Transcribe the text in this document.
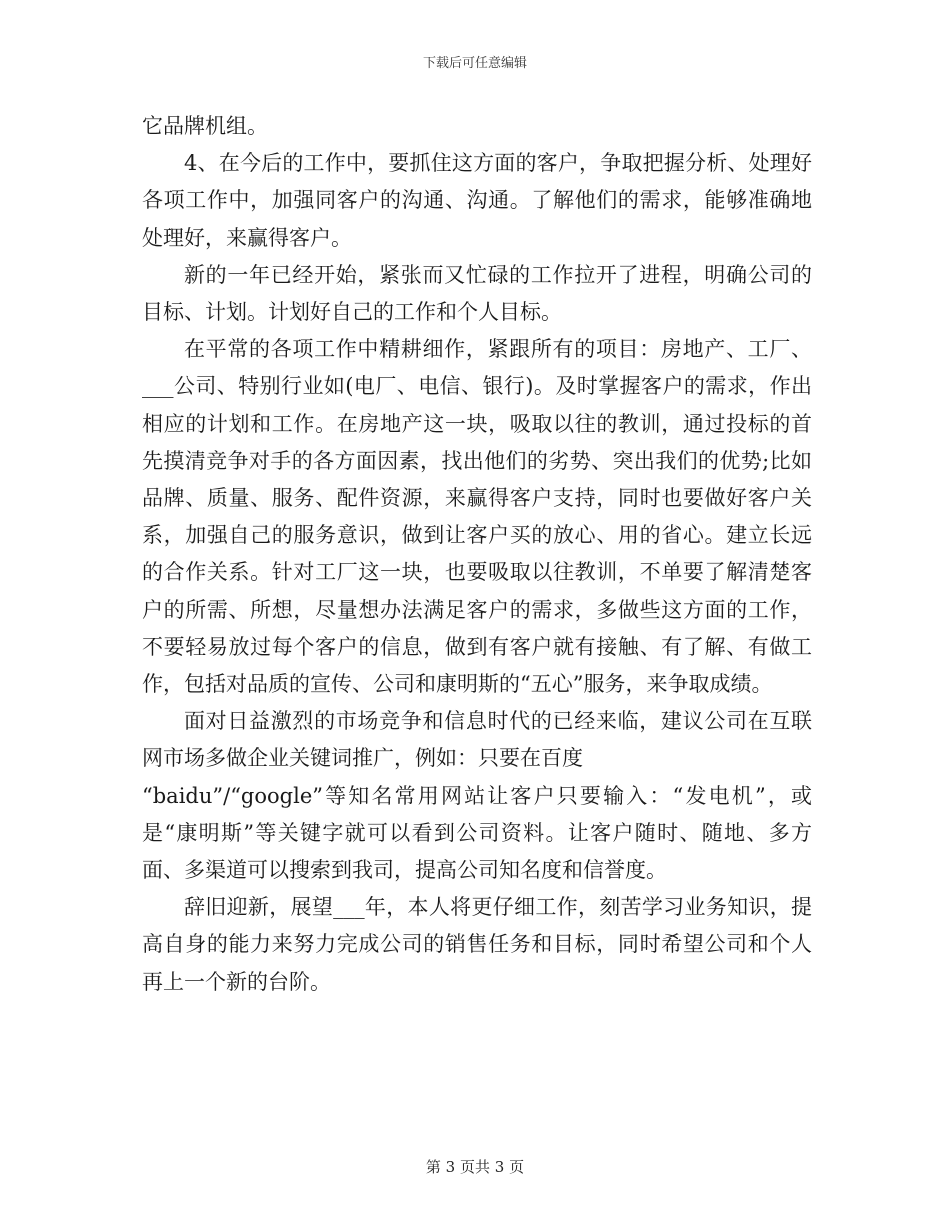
下载后可任意编辑

它品牌机组。

4、在今后的工作中，要抓住这方面的客户，争取把握分析、处理好各项工作中，加强同客户的沟通、沟通。了解他们的需求，能够准确地处理好，来赢得客户。

新的一年已经开始，紧张而又忙碌的工作拉开了进程，明确公司的目标、计划。计划好自己的工作和个人目标。

在平常的各项工作中精耕细作，紧跟所有的项目：房地产、工厂、___公司、特别行业如(电厂、电信、银行)。及时掌握客户的需求，作出相应的计划和工作。在房地产这一块，吸取以往的教训，通过投标的首先摸清竞争对手的各方面因素，找出他们的劣势、突出我们的优势;比如品牌、质量、服务、配件资源，来赢得客户支持，同时也要做好客户关系，加强自己的服务意识，做到让客户买的放心、用的省心。建立长远的合作关系。针对工厂这一块，也要吸取以往教训，不单要了解清楚客户的所需、所想，尽量想办法满足客户的需求，多做些这方面的工作，不要轻易放过每个客户的信息，做到有客户就有接触、有了解、有做工作，包括对品质的宣传、公司和康明斯的“五心”服务，来争取成绩。

面对日益激烈的市场竞争和信息时代的已经来临，建议公司在互联网市场多做企业关键词推广，例如：只要在百度

“baidu”/“google”等知名常用网站让客户只要输入：“发电机”，或是“康明斯”等关键字就可以看到公司资料。让客户随时、随地、多方面、多渠道可以搜索到我司，提高公司知名度和信誉度。

辞旧迎新，展望___年，本人将更仔细工作，刻苦学习业务知识，提高自身的能力来努力完成公司的销售任务和目标，同时希望公司和个人再上一个新的台阶。

第 3 页共 3 页
